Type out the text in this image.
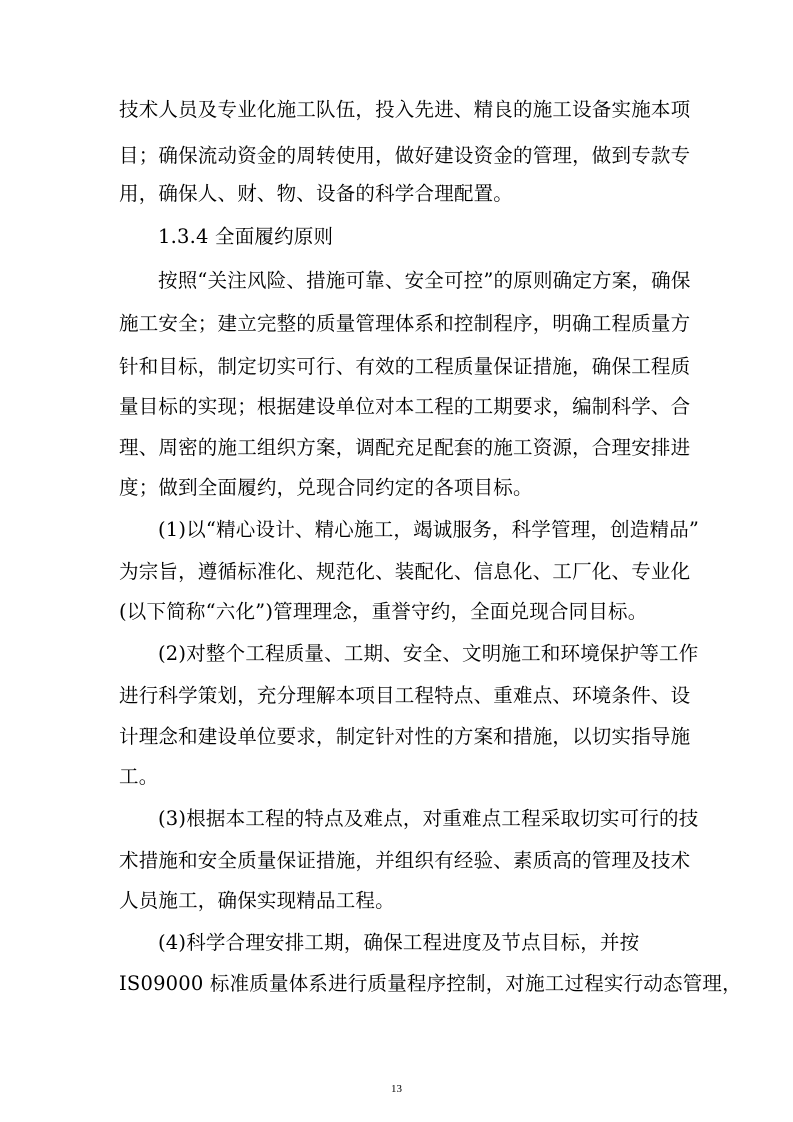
技术人员及专业化施工队伍，投入先进、精良的施工设备实施本项
目；确保流动资金的周转使用，做好建设资金的管理，做到专款专
用，确保人、财、物、设备的科学合理配置。
1.3.4 全面履约原则
按照“关注风险、措施可靠、安全可控”的原则确定方案，确保
施工安全；建立完整的质量管理体系和控制程序，明确工程质量方
针和目标，制定切实可行、有效的工程质量保证措施，确保工程质
量目标的实现；根据建设单位对本工程的工期要求，编制科学、合
理、周密的施工组织方案，调配充足配套的施工资源，合理安排进
度；做到全面履约，兑现合同约定的各项目标。
(1)以“精心设计、精心施工，竭诚服务，科学管理，创造精品”
为宗旨，遵循标准化、规范化、装配化、信息化、工厂化、专业化
(以下简称“六化”)管理理念，重誉守约，全面兑现合同目标。
(2)对整个工程质量、工期、安全、文明施工和环境保护等工作
进行科学策划，充分理解本项目工程特点、重难点、环境条件、设
计理念和建设单位要求，制定针对性的方案和措施，以切实指导施
工。
(3)根据本工程的特点及难点，对重难点工程采取切实可行的技
术措施和安全质量保证措施，并组织有经验、素质高的管理及技术
人员施工，确保实现精品工程。
(4)科学合理安排工期，确保工程进度及节点目标，并按
IS09000 标准质量体系进行质量程序控制，对施工过程实行动态管理，
13
